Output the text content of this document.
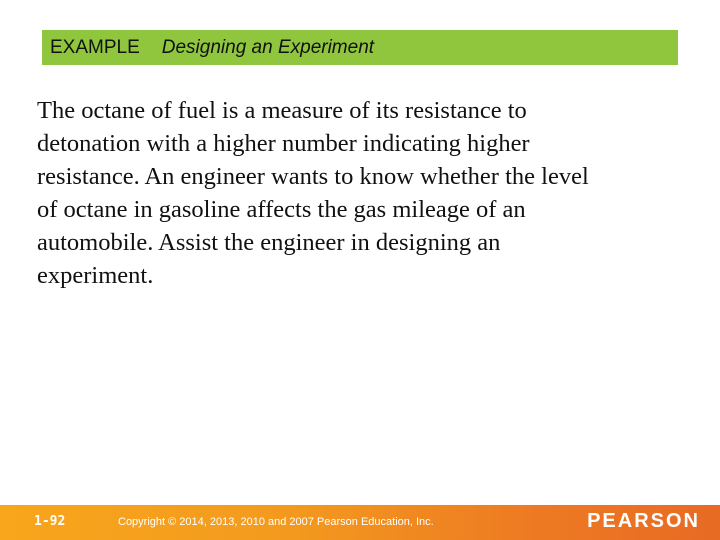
EXAMPLE Designing an Experiment

The octane of fuel is a measure of its resistance to
detonation with a higher number indicating higher
resistance. An engineer wants to know whether the level
of octane in gasoline affects the gas mileage of an
automobile. Assist the engineer in designing an
experiment.

1-92	Copyright © 2014, 2013, 2010 and 2007 Pearson Education, Inc.	PEARSON
